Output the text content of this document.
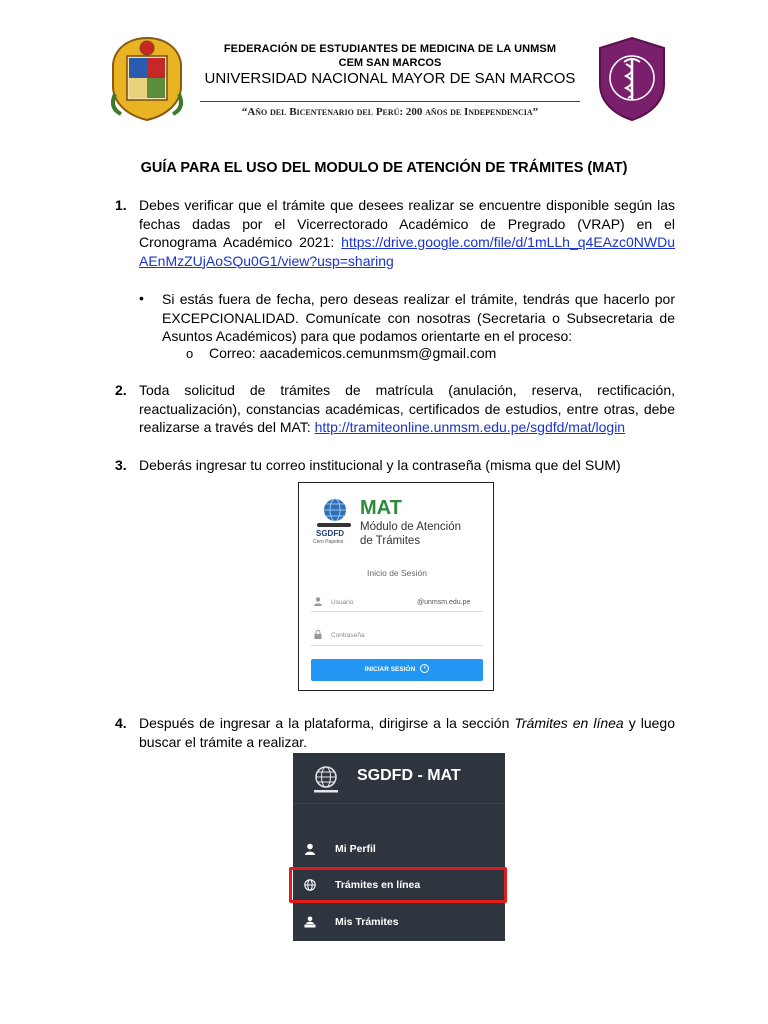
FEDERACIÓN DE ESTUDIANTES DE MEDICINA DE LA UNMSM
CEM SAN MARCOS
UNIVERSIDAD NACIONAL MAYOR DE SAN MARCOS
“Año del Bicentenario del Perú: 200 años de Independencia”
GUÍA PARA EL USO DEL MODULO DE ATENCIÓN DE TRÁMITES (MAT)
1. Debes verificar que el trámite que desees realizar se encuentre disponible según las fechas dadas por el Vicerrectorado Académico de Pregrado (VRAP) en el Cronograma Académico 2021: https://drive.google.com/file/d/1mLLh_q4EAzc0NWDuAEnMzZUjAoSQu0G1/view?usp=sharing
• Si estás fuera de fecha, pero deseas realizar el trámite, tendrás que hacerlo por EXCEPCIONALIDAD. Comunícate con nosotras (Secretaria o Subsecretaria de Asuntos Académicos) para que podamos orientarte en el proceso:
o Correo: aacademicos.cemunmsm@gmail.com
2. Toda solicitud de trámites de matrícula (anulación, reserva, rectificación, reactualización), constancias académicas, certificados de estudios, entre otras, debe realizarse a través del MAT: http://tramiteonline.unmsm.edu.pe/sgdfd/mat/login
3. Deberás ingresar tu correo institucional y la contraseña (misma que del SUM)
SGDFD
Cero Papeles
MAT
Módulo de Atención
de Trámites
Inicio de Sesión
Usuario	@unmsm.edu.pe
Contraseña
INICIAR SESIÓN ›
4. Después de ingresar a la plataforma, dirigirse a la sección Trámites en línea y luego buscar el trámite a realizar.
SGDFD - MAT
Mi Perfil
Trámites en línea
Mis Trámites
